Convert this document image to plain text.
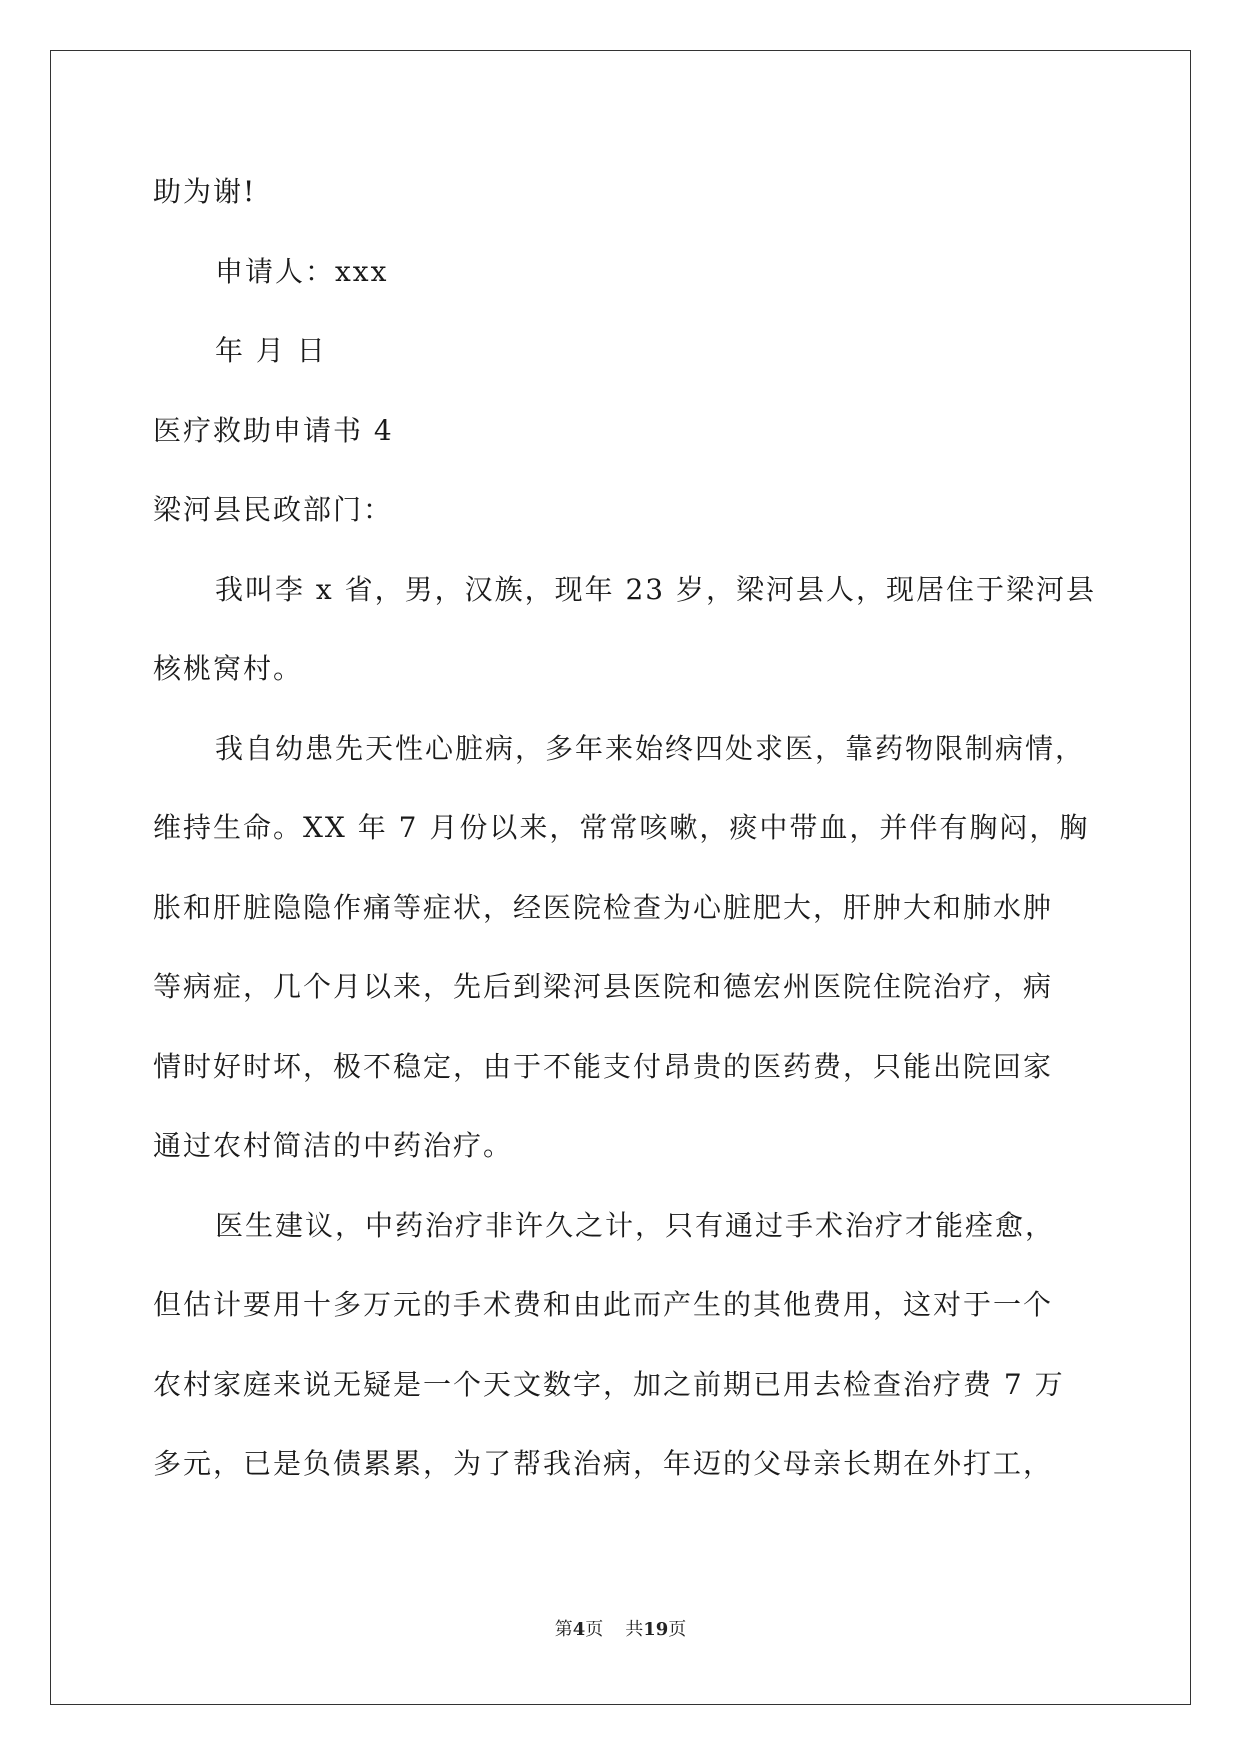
助为谢!
申请人：xxx
年 月 日
医疗救助申请书 4
梁河县民政部门：
我叫李 x 省，男，汉族，现年 23 岁，梁河县人，现居住于梁河县
核桃窝村。
我自幼患先天性心脏病，多年来始终四处求医，靠药物限制病情，
维持生命。XX 年 7 月份以来，常常咳嗽，痰中带血，并伴有胸闷，胸
胀和肝脏隐隐作痛等症状，经医院检查为心脏肥大，肝肿大和肺水肿
等病症，几个月以来，先后到梁河县医院和德宏州医院住院治疗，病
情时好时坏，极不稳定，由于不能支付昂贵的医药费，只能出院回家
通过农村简洁的中药治疗。
医生建议，中药治疗非许久之计，只有通过手术治疗才能痊愈，
但估计要用十多万元的手术费和由此而产生的其他费用，这对于一个
农村家庭来说无疑是一个天文数字，加之前期已用去检查治疗费 7 万
多元，已是负债累累，为了帮我治病，年迈的父母亲长期在外打工，
第4页 共19页
